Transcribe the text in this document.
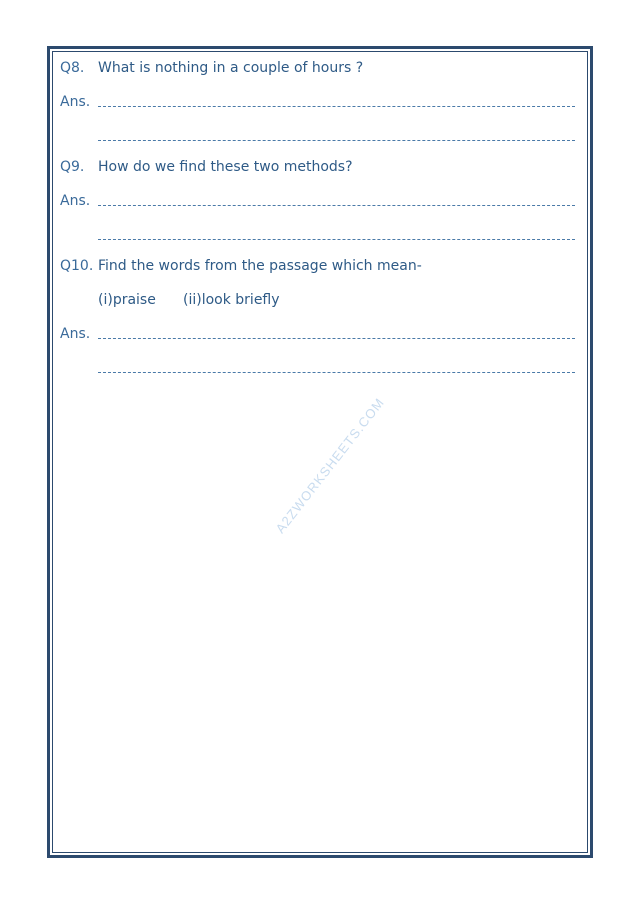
Q8. What is nothing in a couple of hours ?
Ans.
Q9. How do we find these two methods?
Ans.
Q10. Find the words from the passage which mean-
(i)praise (ii)look briefly
Ans.
A2ZWORKSHEETS.COM
